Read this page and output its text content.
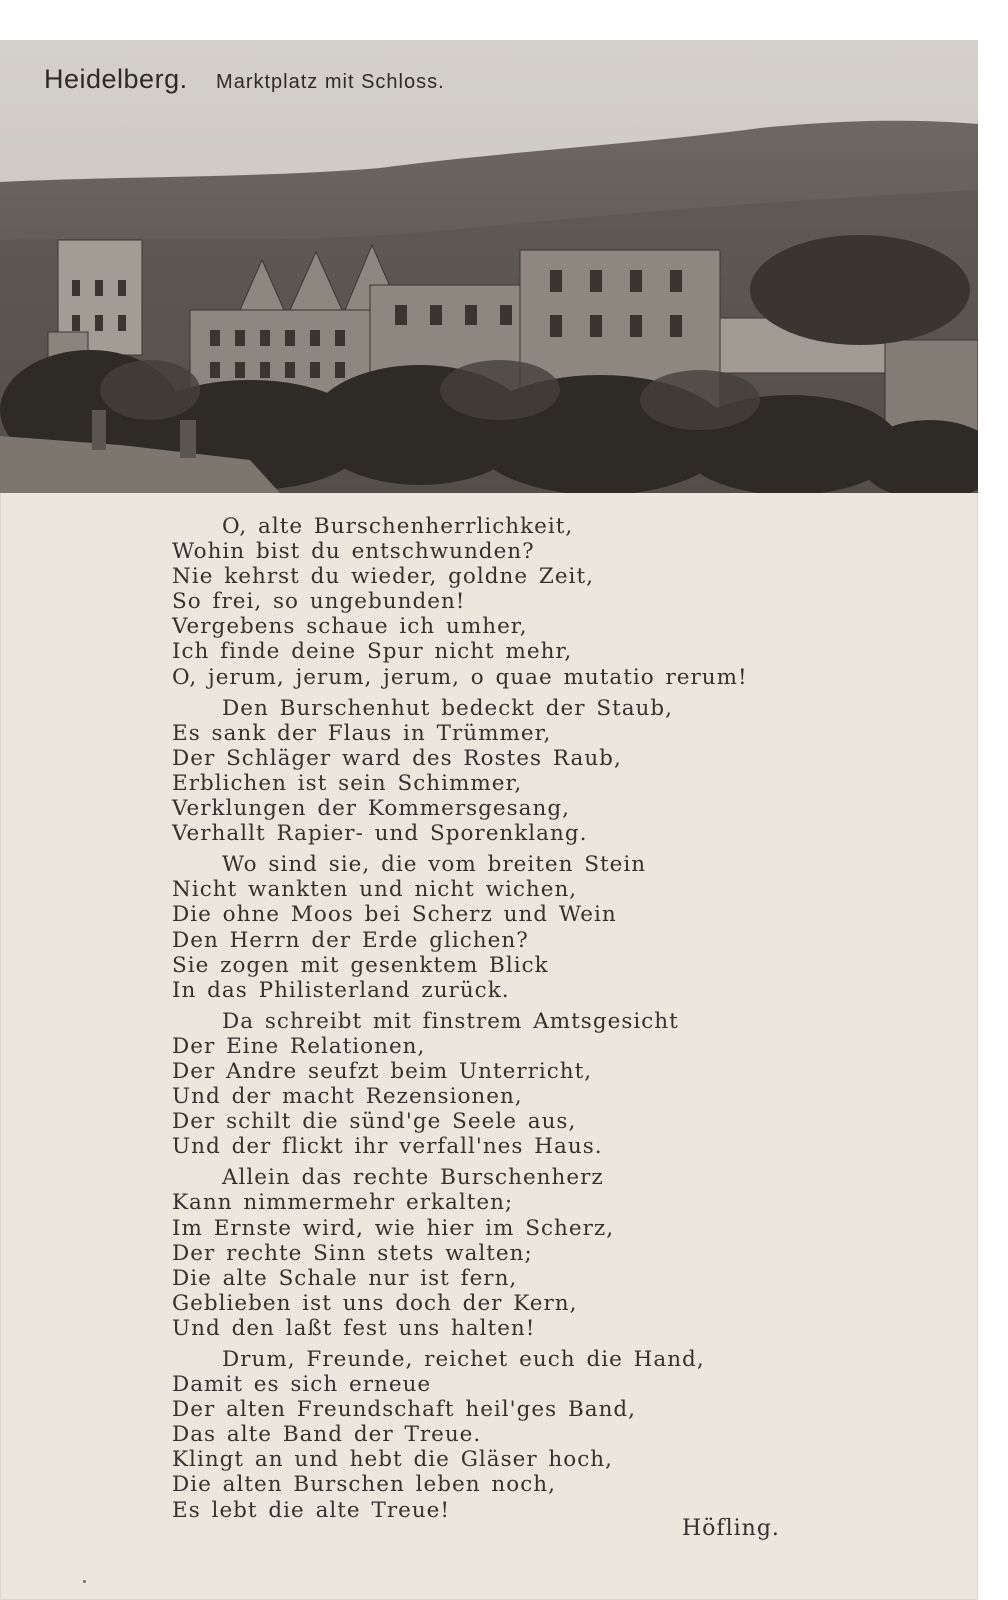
Heidelberg. Marktplatz mit Schloss.
O, alte Burschenherrlichkeit,
Wohin bist du entschwunden?
Nie kehrst du wieder, goldne Zeit,
So frei, so ungebunden!
Vergebens schaue ich umher,
Ich finde deine Spur nicht mehr,
O, jerum, jerum, jerum, o quae mutatio rerum!
Den Burschenhut bedeckt der Staub,
Es sank der Flaus in Trümmer,
Der Schläger ward des Rostes Raub,
Erblichen ist sein Schimmer,
Verklungen der Kommersgesang,
Verhallt Rapier- und Sporenklang.
Wo sind sie, die vom breiten Stein
Nicht wankten und nicht wichen,
Die ohne Moos bei Scherz und Wein
Den Herrn der Erde glichen?
Sie zogen mit gesenktem Blick
In das Philisterland zurück.
Da schreibt mit finstrem Amtsgesicht
Der Eine Relationen,
Der Andre seufzt beim Unterricht,
Und der macht Rezensionen,
Der schilt die sünd'ge Seele aus,
Und der flickt ihr verfall'nes Haus.
Allein das rechte Burschenherz
Kann nimmermehr erkalten;
Im Ernste wird, wie hier im Scherz,
Der rechte Sinn stets walten;
Die alte Schale nur ist fern,
Geblieben ist uns doch der Kern,
Und den laßt fest uns halten!
Drum, Freunde, reichet euch die Hand,
Damit es sich erneue
Der alten Freundschaft heil'ges Band,
Das alte Band der Treue.
Klingt an und hebt die Gläser hoch,
Die alten Burschen leben noch,
Es lebt die alte Treue!
Höfling.
